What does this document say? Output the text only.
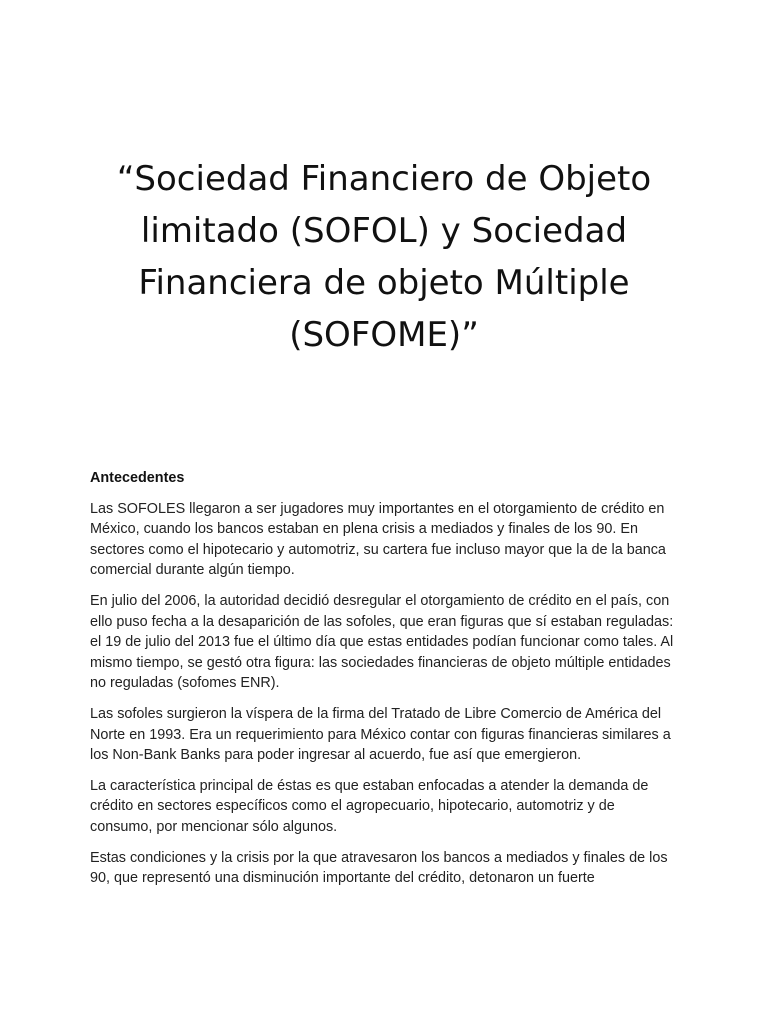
“Sociedad Financiero de Objeto limitado (SOFOL) y Sociedad Financiera de objeto Múltiple (SOFOME)”
Antecedentes

Las SOFOLES llegaron a ser jugadores muy importantes en el otorgamiento de crédito en México, cuando los bancos estaban en plena crisis a mediados y finales de los 90. En sectores como el hipotecario y automotriz, su cartera fue incluso mayor que la de la banca comercial durante algún tiempo.

En julio del 2006, la autoridad decidió desregular el otorgamiento de crédito en el país, con ello puso fecha a la desaparición de las sofoles, que eran figuras que sí estaban reguladas: el 19 de julio del 2013 fue el último día que estas entidades podían funcionar como tales. Al mismo tiempo, se gestó otra figura: las sociedades financieras de objeto múltiple entidades no reguladas (sofomes ENR).

Las sofoles surgieron la víspera de la firma del Tratado de Libre Comercio de América del Norte en 1993. Era un requerimiento para México contar con figuras financieras similares a los Non-Bank Banks para poder ingresar al acuerdo, fue así que emergieron.

La característica principal de éstas es que estaban enfocadas a atender la demanda de crédito en sectores específicos como el agropecuario, hipotecario, automotriz y de consumo, por mencionar sólo algunos.

Estas condiciones y la crisis por la que atravesaron los bancos a mediados y finales de los 90, que representó una disminución importante del crédito, detonaron un fuerte
